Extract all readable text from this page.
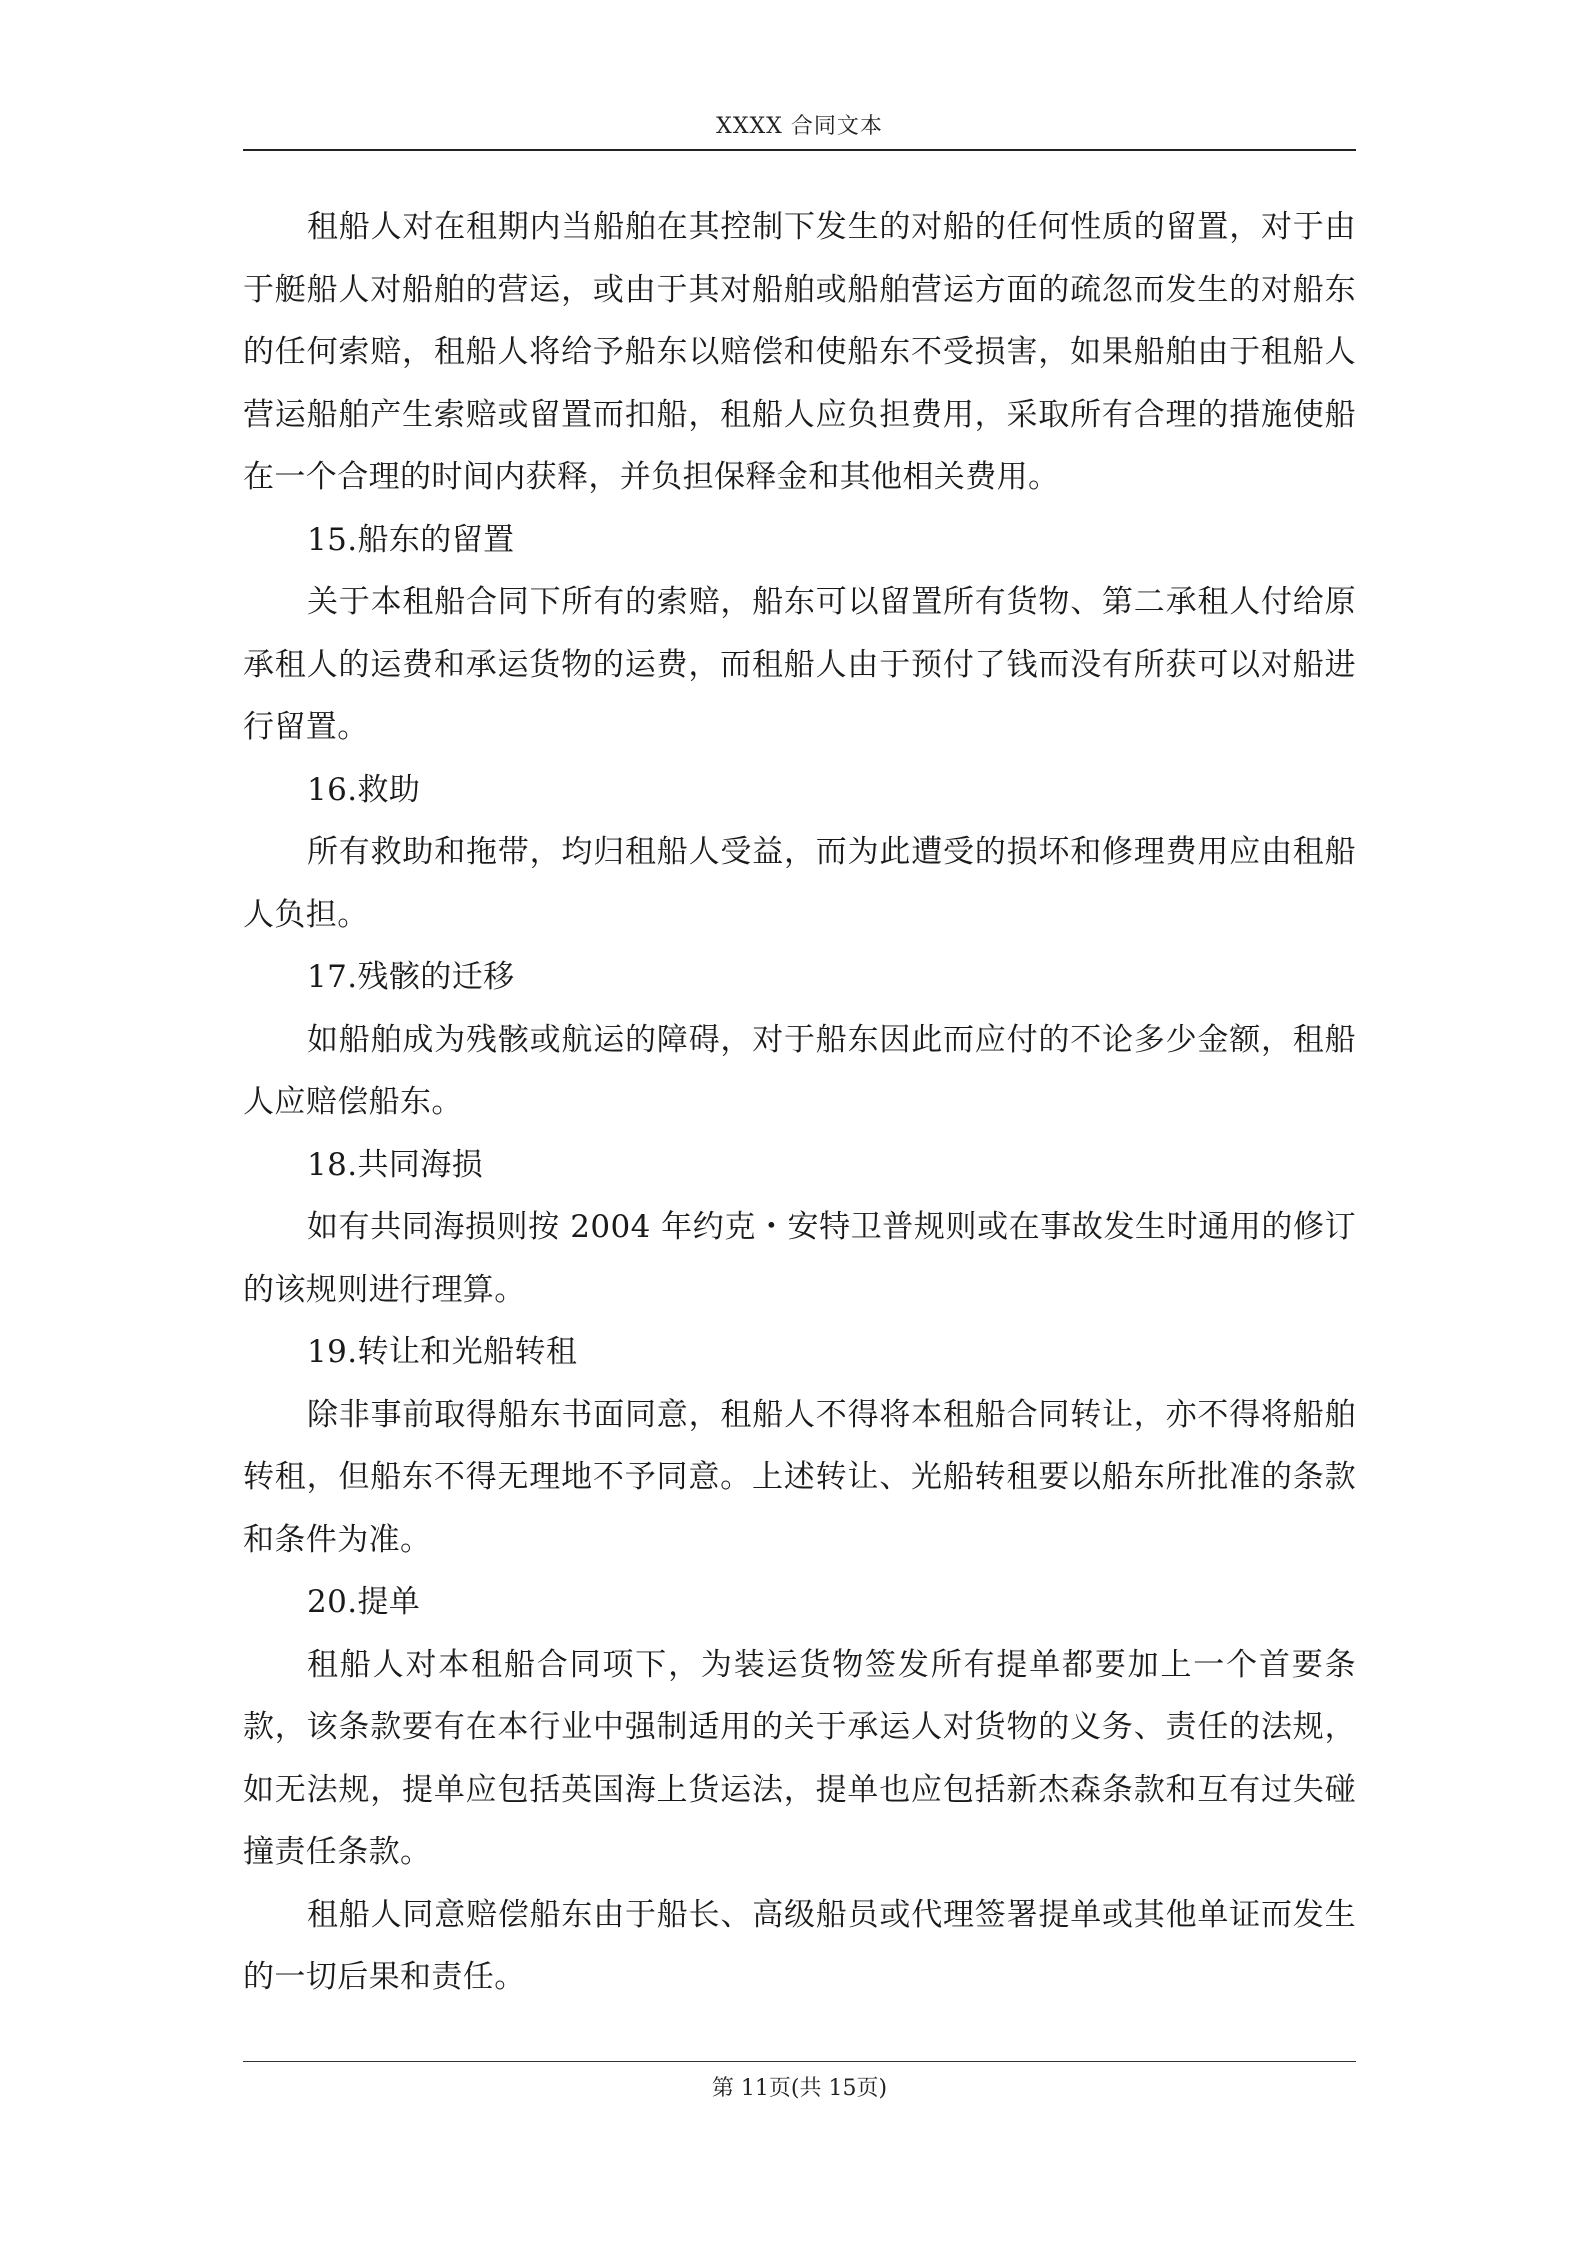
XXXX 合同文本

租船人对在租期内当船舶在其控制下发生的对船的任何性质的留置，对于由于艇船人对船舶的营运，或由于其对船舶或船舶营运方面的疏忽而发生的对船东的任何索赔，租船人将给予船东以赔偿和使船东不受损害，如果船舶由于租船人营运船舶产生索赔或留置而扣船，租船人应负担费用，采取所有合理的措施使船在一个合理的时间内获释，并负担保释金和其他相关费用。

15.船东的留置

关于本租船合同下所有的索赔，船东可以留置所有货物、第二承租人付给原承租人的运费和承运货物的运费，而租船人由于预付了钱而没有所获可以对船进行留置。

16.救助

所有救助和拖带，均归租船人受益，而为此遭受的损坏和修理费用应由租船人负担。

17.残骸的迁移

如船舶成为残骸或航运的障碍，对于船东因此而应付的不论多少金额，租船人应赔偿船东。

18.共同海损

如有共同海损则按 2004 年约克・安特卫普规则或在事故发生时通用的修订的该规则进行理算。

19.转让和光船转租

除非事前取得船东书面同意，租船人不得将本租船合同转让，亦不得将船舶转租，但船东不得无理地不予同意。上述转让、光船转租要以船东所批准的条款和条件为准。

20.提单

租船人对本租船合同项下，为装运货物签发所有提单都要加上一个首要条款，该条款要有在本行业中强制适用的关于承运人对货物的义务、责任的法规，如无法规，提单应包括英国海上货运法，提单也应包括新杰森条款和互有过失碰撞责任条款。

租船人同意赔偿船东由于船长、高级船员或代理签署提单或其他单证而发生的一切后果和责任。

第 11页(共 15页)
